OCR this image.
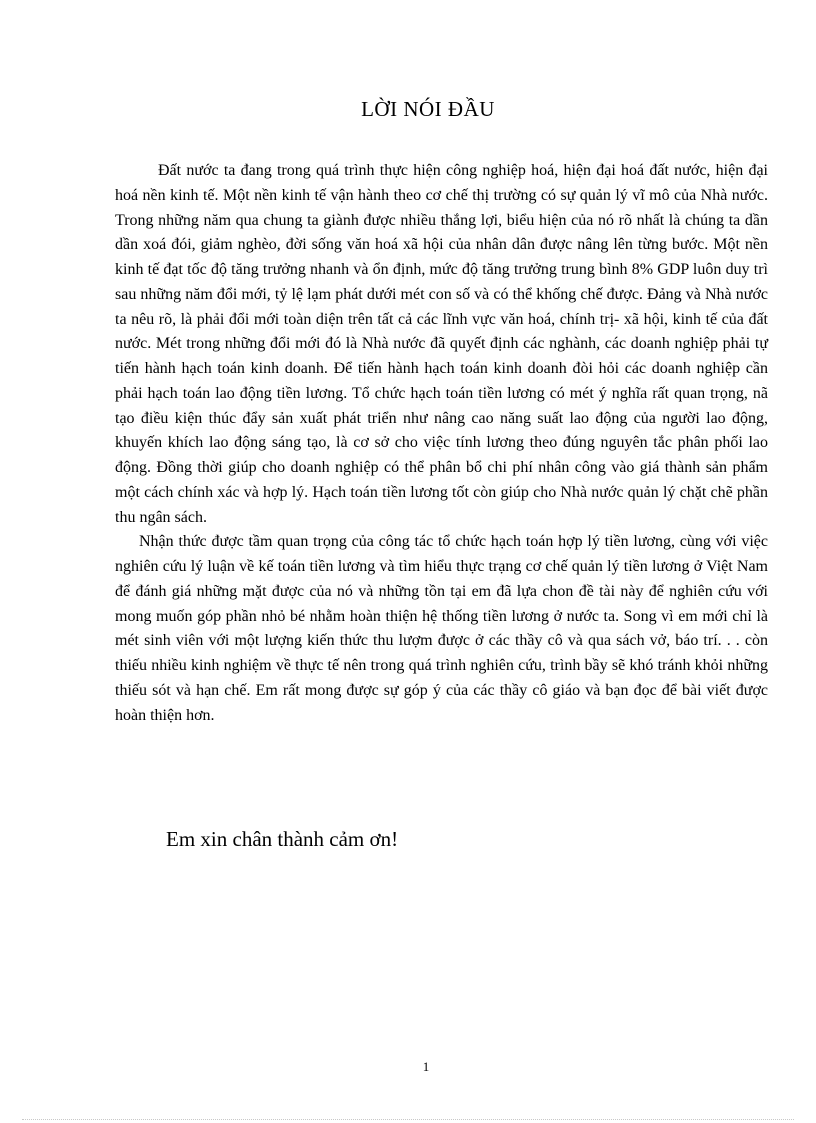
LỜI NÓI ĐẦU

Đất nước ta đang trong quá trình thực hiện công nghiệp hoá, hiện đại hoá đất nước, hiện đại hoá nền kinh tế. Một nền kinh tế vận hành theo cơ chế thị trường có sự quản lý vĩ mô của Nhà nước. Trong những năm qua chung ta giành được nhiều thắng lợi, biểu hiện của nó rõ nhất là chúng ta dần dần xoá đói, giảm nghèo, đời sống văn hoá xã hội của nhân dân được nâng lên từng bước. Một nền kinh tế đạt tốc độ tăng trưởng nhanh và ổn định, mức độ tăng trưởng trung bình 8% GDP luôn duy trì sau những năm đổi mới, tỷ lệ lạm phát dưới mét con số và có thể khống chế được. Đảng và Nhà nước ta nêu rõ, là phải đổi mới toàn diện trên tất cả các lĩnh vực văn hoá, chính trị- xã hội, kinh tế của đất nước. Mét trong những đổi mới đó là Nhà nước đã quyết định các nghành, các doanh nghiệp phải tự tiến hành hạch toán kinh doanh. Để tiến hành hạch toán kinh doanh đòi hỏi các doanh nghiệp cần phải hạch toán lao động tiền lương. Tổ chức hạch toán tiền lương có mét ý nghĩa rất quan trọng, nã tạo điều kiện thúc đẩy sản xuất phát triển như nâng cao năng suất lao động của người lao động, khuyến khích lao động sáng tạo, là cơ sở cho việc tính lương theo đúng nguyên tắc phân phối lao động. Đồng thời giúp cho doanh nghiệp có thể phân bổ chi phí nhân công vào giá thành sản phẩm một cách chính xác và hợp lý. Hạch toán tiền lương tốt còn giúp cho Nhà nước quản lý chặt chẽ phần thu ngân sách.

Nhận thức được tầm quan trọng của công tác tổ chức hạch toán hợp lý tiền lương, cùng với việc nghiên cứu lý luận về kế toán tiền lương và tìm hiểu thực trạng cơ chế quản lý tiền lương ở Việt Nam để đánh giá những mặt được của nó và những tồn tại em đã lựa chon đề tài này để nghiên cứu với mong muốn góp phần nhỏ bé nhằm hoàn thiện hệ thống tiền lương ở nước ta. Song vì em mới chỉ là mét sinh viên với một lượng kiến thức thu lượm được ở các thầy cô và qua sách vở, báo trí. . . còn thiếu nhiều kinh nghiệm về thực tế nên trong quá trình nghiên cứu, trình bầy sẽ khó tránh khỏi những thiếu sót và hạn chế. Em rất mong được sự góp ý của các thầy cô giáo và bạn đọc để bài viết được hoàn thiện hơn.

Em xin chân thành cảm ơn!
1
